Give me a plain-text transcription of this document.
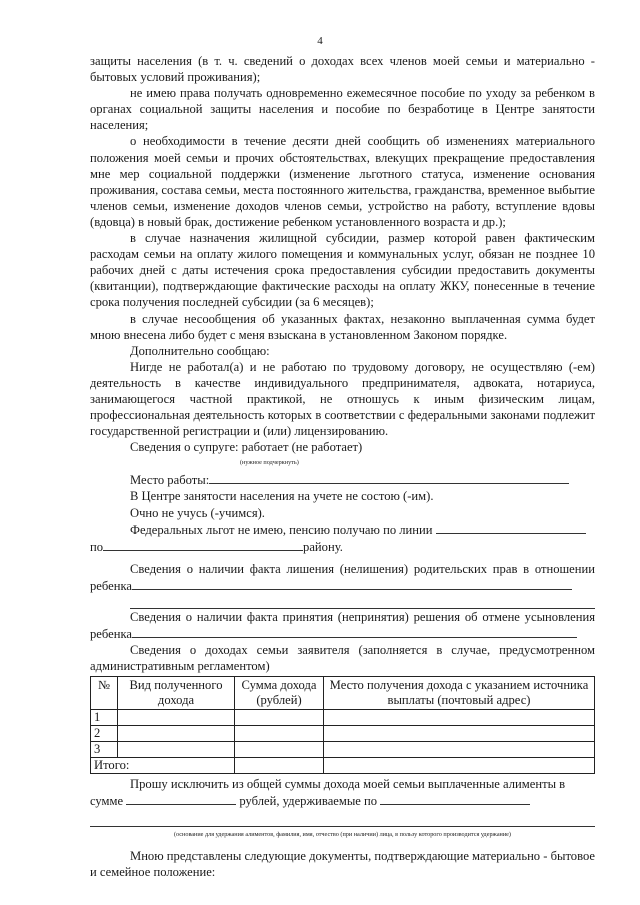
4

защиты населения (в т. ч. сведений о доходах всех членов моей семьи и материально - бытовых условий проживания);

не имею права получать одновременно ежемесячное пособие по уходу за ребенком в органах социальной защиты населения и пособие по безработице в Центре занятости населения;

о необходимости в течение десяти дней сообщить об изменениях материального положения моей семьи и прочих обстоятельствах, влекущих прекращение предоставления мне мер социальной поддержки (изменение льготного статуса, изменение основания проживания, состава семьи, места постоянного жительства, гражданства, временное выбытие членов семьи, изменение доходов членов семьи, устройство на работу, вступление вдовы (вдовца) в новый брак, достижение ребенком установленного возраста и др.);

в случае назначения жилищной субсидии, размер которой равен фактическим расходам семьи на оплату жилого помещения и коммунальных услуг, обязан не позднее 10 рабочих дней с даты истечения срока предоставления субсидии предоставить документы (квитанции), подтверждающие фактические расходы на оплату ЖКУ, понесенные в течение срока получения последней субсидии (за 6 месяцев);

в случае несообщения об указанных фактах, незаконно выплаченная сумма будет мною внесена либо будет с меня взыскана в установленном Законом порядке.

Дополнительно сообщаю:

Нигде не работал(а) и не работаю по трудовому договору, не осуществляю (-ем) деятельность в качестве индивидуального предпринимателя, адвоката, нотариуса, занимающегося частной практикой, не отношусь к иным физическим лицам, профессиональная деятельность которых в соответствии с федеральными законами подлежит государственной регистрации и (или) лицензированию.

Сведения о супруге: работает (не работает)

(нужное подчеркнуть)

Место работы:

В Центре занятости населения на учете не состою (-им).

Очно не учусь (-учимся).

Федеральных льгот не имею, пенсию получаю по линии

по	району.

Сведения о наличии факта лишения (нелишения) родительских прав в отношении ребенка

Сведения о наличии факта принятия (непринятия) решения об отмене усыновления ребенка

Сведения о доходах семьи заявителя (заполняется в случае, предусмотренном административным регламентом)

№	Вид полученного дохода	Сумма дохода (рублей)	Место получения дохода с указанием источника выплаты (почтовый адрес)
1			
2			
3			
Итого:			

Прошу исключить из общей суммы дохода моей семьи выплаченные алименты в

сумме	рублей, удерживаемые по

(основание для удержания алиментов, фамилия, имя, отчество (при наличии) лица, в пользу которого производится удержание)

Мною представлены следующие документы, подтверждающие материально - бытовое и семейное положение:
